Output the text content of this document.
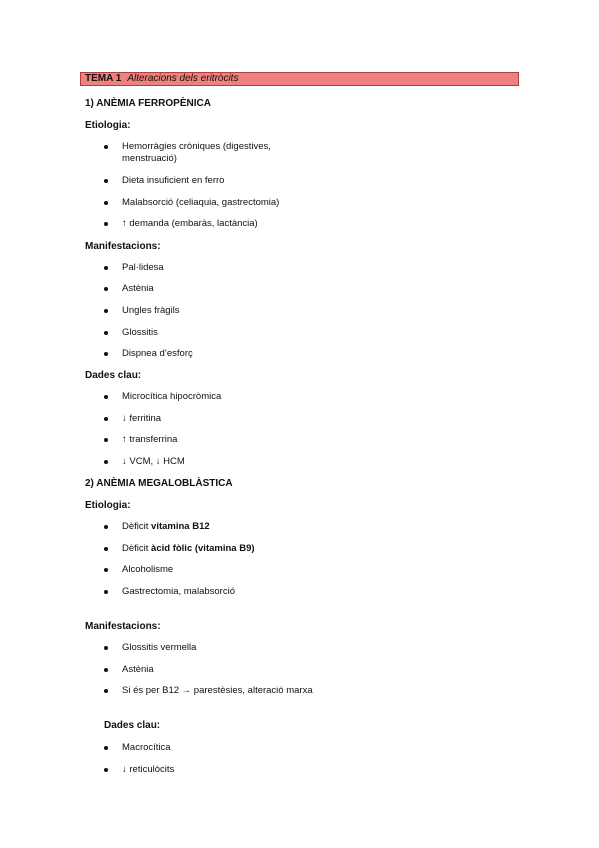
TEMA 1 Alteracions dels eritròcits
1) ANÈMIA FERROPÈNICA
Etiologia:
Hemorràgies cròniques (digestives, menstruació)
Dieta insuficient en ferro
Malabsorció (celiaquia, gastrectomia)
↑ demanda (embaràs, lactància)
Manifestacions:
Pal·lidesa
Astènia
Ungles fràgils
Glossitis
Dispnea d’esforç
Dades clau:
Microcítica hipocròmica
↓ ferritina
↑ transferrina
↓ VCM, ↓ HCM
2) ANÈMIA MEGALOBLÀSTICA
Etiologia:
Dèficit vitamina B12
Dèficit àcid fòlic (vitamina B9)
Alcoholisme
Gastrectomia, malabsorció
Manifestacions:
Glossitis vermella
Astènia
Si és per B12 → parestèsies, alteració marxa
Dades clau:
Macrocítica
↓ reticulòcits
